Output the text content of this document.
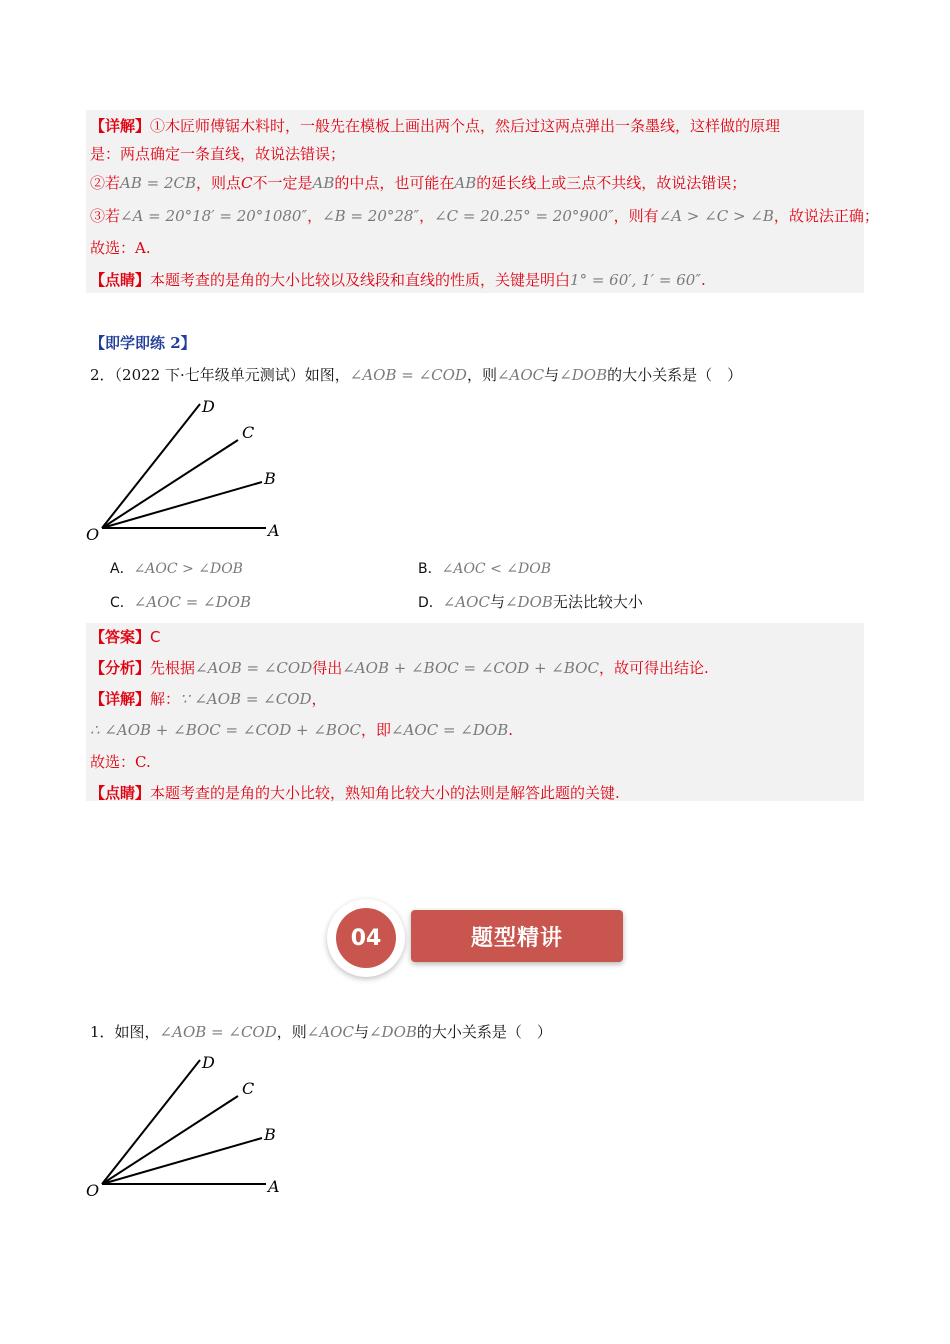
【详解】①木匠师傅锯木料时，一般先在模板上画出两个点，然后过这两点弹出一条墨线，这样做的原理
是：两点确定一条直线，故说法错误；
②若AB = 2CB，则点C不一定是AB的中点，也可能在AB的延长线上或三点不共线，故说法错误；
③若∠A = 20°18′ = 20°1080″，∠B = 20°28″，∠C = 20.25° = 20°900″，则有∠A > ∠C > ∠B，故说法正确；
故选：A.
【点睛】本题考查的是角的大小比较以及线段和直线的性质，关键是明白1° = 60′, 1′ = 60″.
【即学即练 2】
2．（2022 下·七年级单元测试）如图，∠AOB = ∠COD，则∠AOC与∠DOB的大小关系是（　）
O	A
B
C
D
A．∠AOC > ∠DOB	B．∠AOC < ∠DOB
C．∠AOC = ∠DOB	D．∠AOC与∠DOB无法比较大小
【答案】C
【分析】先根据∠AOB = ∠COD得出∠AOB + ∠BOC = ∠COD + ∠BOC，故可得出结论.
【详解】解：∵ ∠AOB = ∠COD，
∴ ∠AOB + ∠BOC = ∠COD + ∠BOC，即∠AOC = ∠DOB.
故选：C.
【点睛】本题考查的是角的大小比较，熟知角比较大小的法则是解答此题的关键.
04	题型精讲
1．如图，∠AOB = ∠COD，则∠AOC与∠DOB的大小关系是（　）
O	A
B
C
D
